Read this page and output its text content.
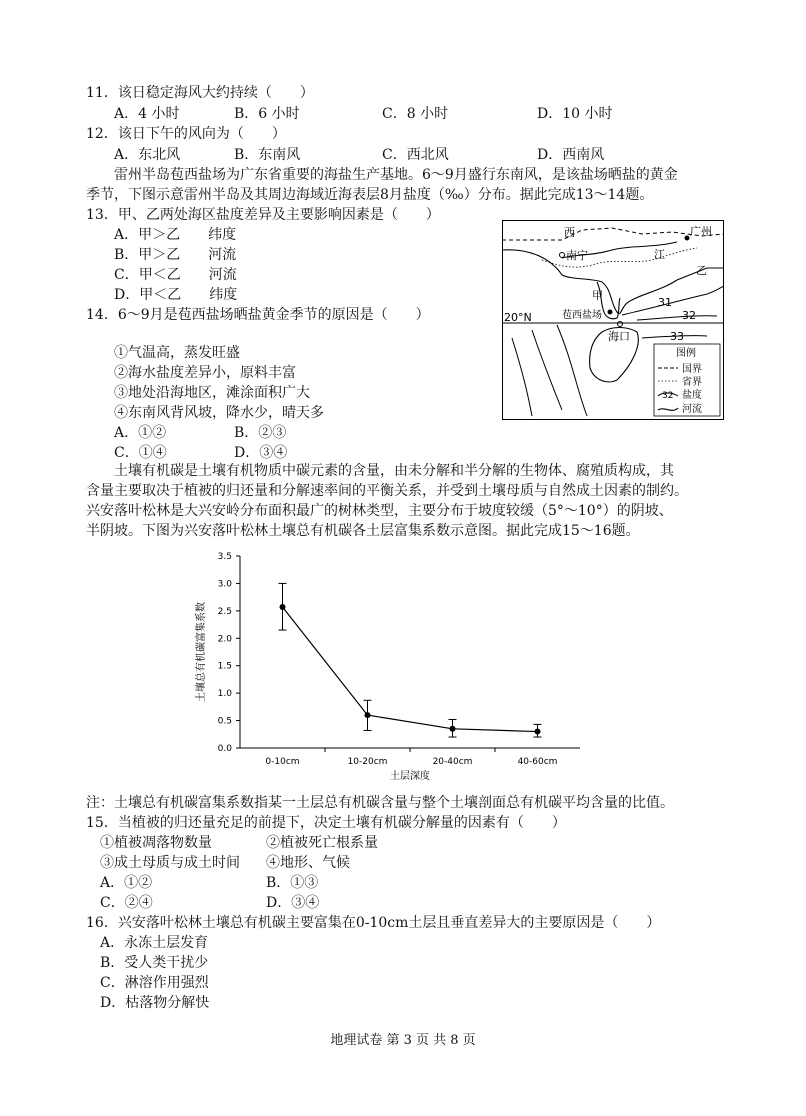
11．该日稳定海风大约持续（　　）
A．4 小时	B．6 小时	C．8 小时	D．10 小时
12．该日下午的风向为（　　）
A．东北风	B．东南风	C．西北风	D．西南风
雷州半岛苞西盐场为广东省重要的海盐生产基地。6～9月盛行东南风，是该盐场晒盐的黄金
季节，下图示意雷州半岛及其周边海域近海表层8月盐度（‰）分布。据此完成13～14题。
13．甲、乙两处海区盐度差异及主要影响因素是（　　）
A．甲＞乙　　纬度
B．甲＞乙　　河流
C．甲＜乙　　河流
D．甲＜乙　　纬度
14．6～9月是苞西盐场晒盐黄金季节的原因是（　　）
①气温高，蒸发旺盛
②海水盐度差异小，原料丰富
③地处沿海地区，滩涂面积广大
④东南风背风坡，降水少，晴天多
A．①②	B．②③
C．①④	D．③④
西
南宁
广州
江
乙
甲
苞西盐场
海口
20°N
31
32
33
图例
国界
省界
32 盐度
河流
土壤有机碳是土壤有机物质中碳元素的含量，由未分解和半分解的生物体、腐殖质构成，其
含量主要取决于植被的归还量和分解速率间的平衡关系，并受到土壤母质与自然成土因素的制约。
兴安落叶松林是大兴安岭分布面积最广的树林类型，主要分布于坡度较缓（5°～10°）的阴坡、
半阴坡。下图为兴安落叶松林土壤总有机碳各土层富集系数示意图。据此完成15～16题。
0.0
0.5
1.0
1.5
2.0
2.5
3.0
3.5
0-10cm	10-20cm	20-40cm	40-60cm
土层深度
土壤总有机碳富集系数
注：土壤总有机碳富集系数指某一土层总有机碳含量与整个土壤剖面总有机碳平均含量的比值。
15．当植被的归还量充足的前提下，决定土壤有机碳分解量的因素有（　　）
①植被凋落物数量	②植被死亡根系量
③成土母质与成土时间 ④地形、气候
A．①②	B．①③
C．②④	D．③④
16．兴安落叶松林土壤总有机碳主要富集在0-10cm土层且垂直差异大的主要原因是（　　）
A．永冻土层发育
B．受人类干扰少
C．淋溶作用强烈
D．枯落物分解快
地理试卷 第 3 页 共 8 页
